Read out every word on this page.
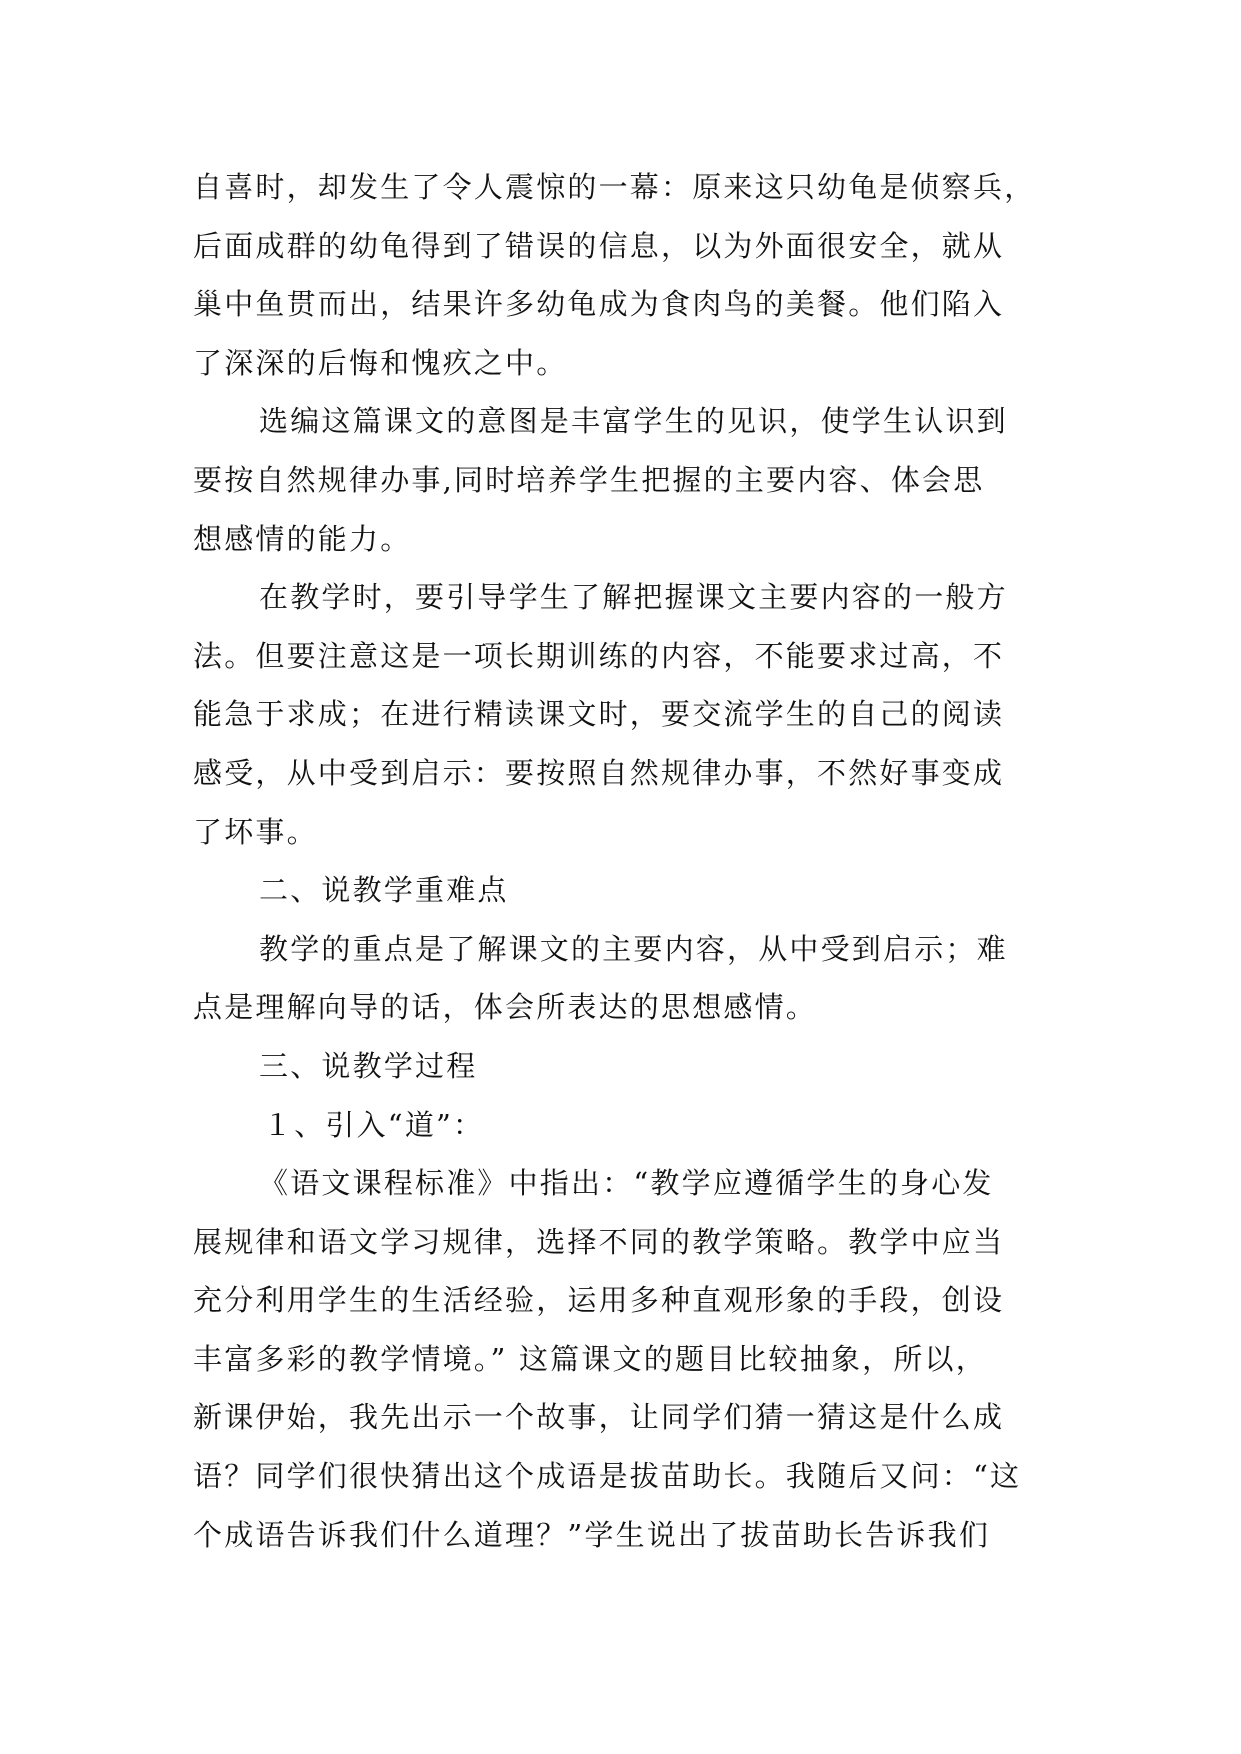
自喜时，却发生了令人震惊的一幕：原来这只幼龟是侦察兵，
后面成群的幼龟得到了错误的信息，以为外面很安全，就从
巢中鱼贯而出，结果许多幼龟成为食肉鸟的美餐。他们陷入
了深深的后悔和愧疚之中。
选编这篇课文的意图是丰富学生的见识，使学生认识到
要按自然规律办事,同时培养学生把握的主要内容、体会思
想感情的能力。
在教学时，要引导学生了解把握课文主要内容的一般方
法。但要注意这是一项长期训练的内容，不能要求过高，不
能急于求成；在进行精读课文时，要交流学生的自己的阅读
感受，从中受到启示：要按照自然规律办事，不然好事变成
了坏事。
二、说教学重难点
教学的重点是了解课文的主要内容，从中受到启示；难
点是理解向导的话，体会所表达的思想感情。
三、说教学过程
１、引入“道”：
《语文课程标准》中指出：“教学应遵循学生的身心发
展规律和语文学习规律，选择不同的教学策略。教学中应当
充分利用学生的生活经验，运用多种直观形象的手段，创设
丰富多彩的教学情境。” 这篇课文的题目比较抽象，所以，
新课伊始，我先出示一个故事，让同学们猜一猜这是什么成
语？同学们很快猜出这个成语是拔苗助长。我随后又问：“这
个成语告诉我们什么道理？”学生说出了拔苗助长告诉我们
